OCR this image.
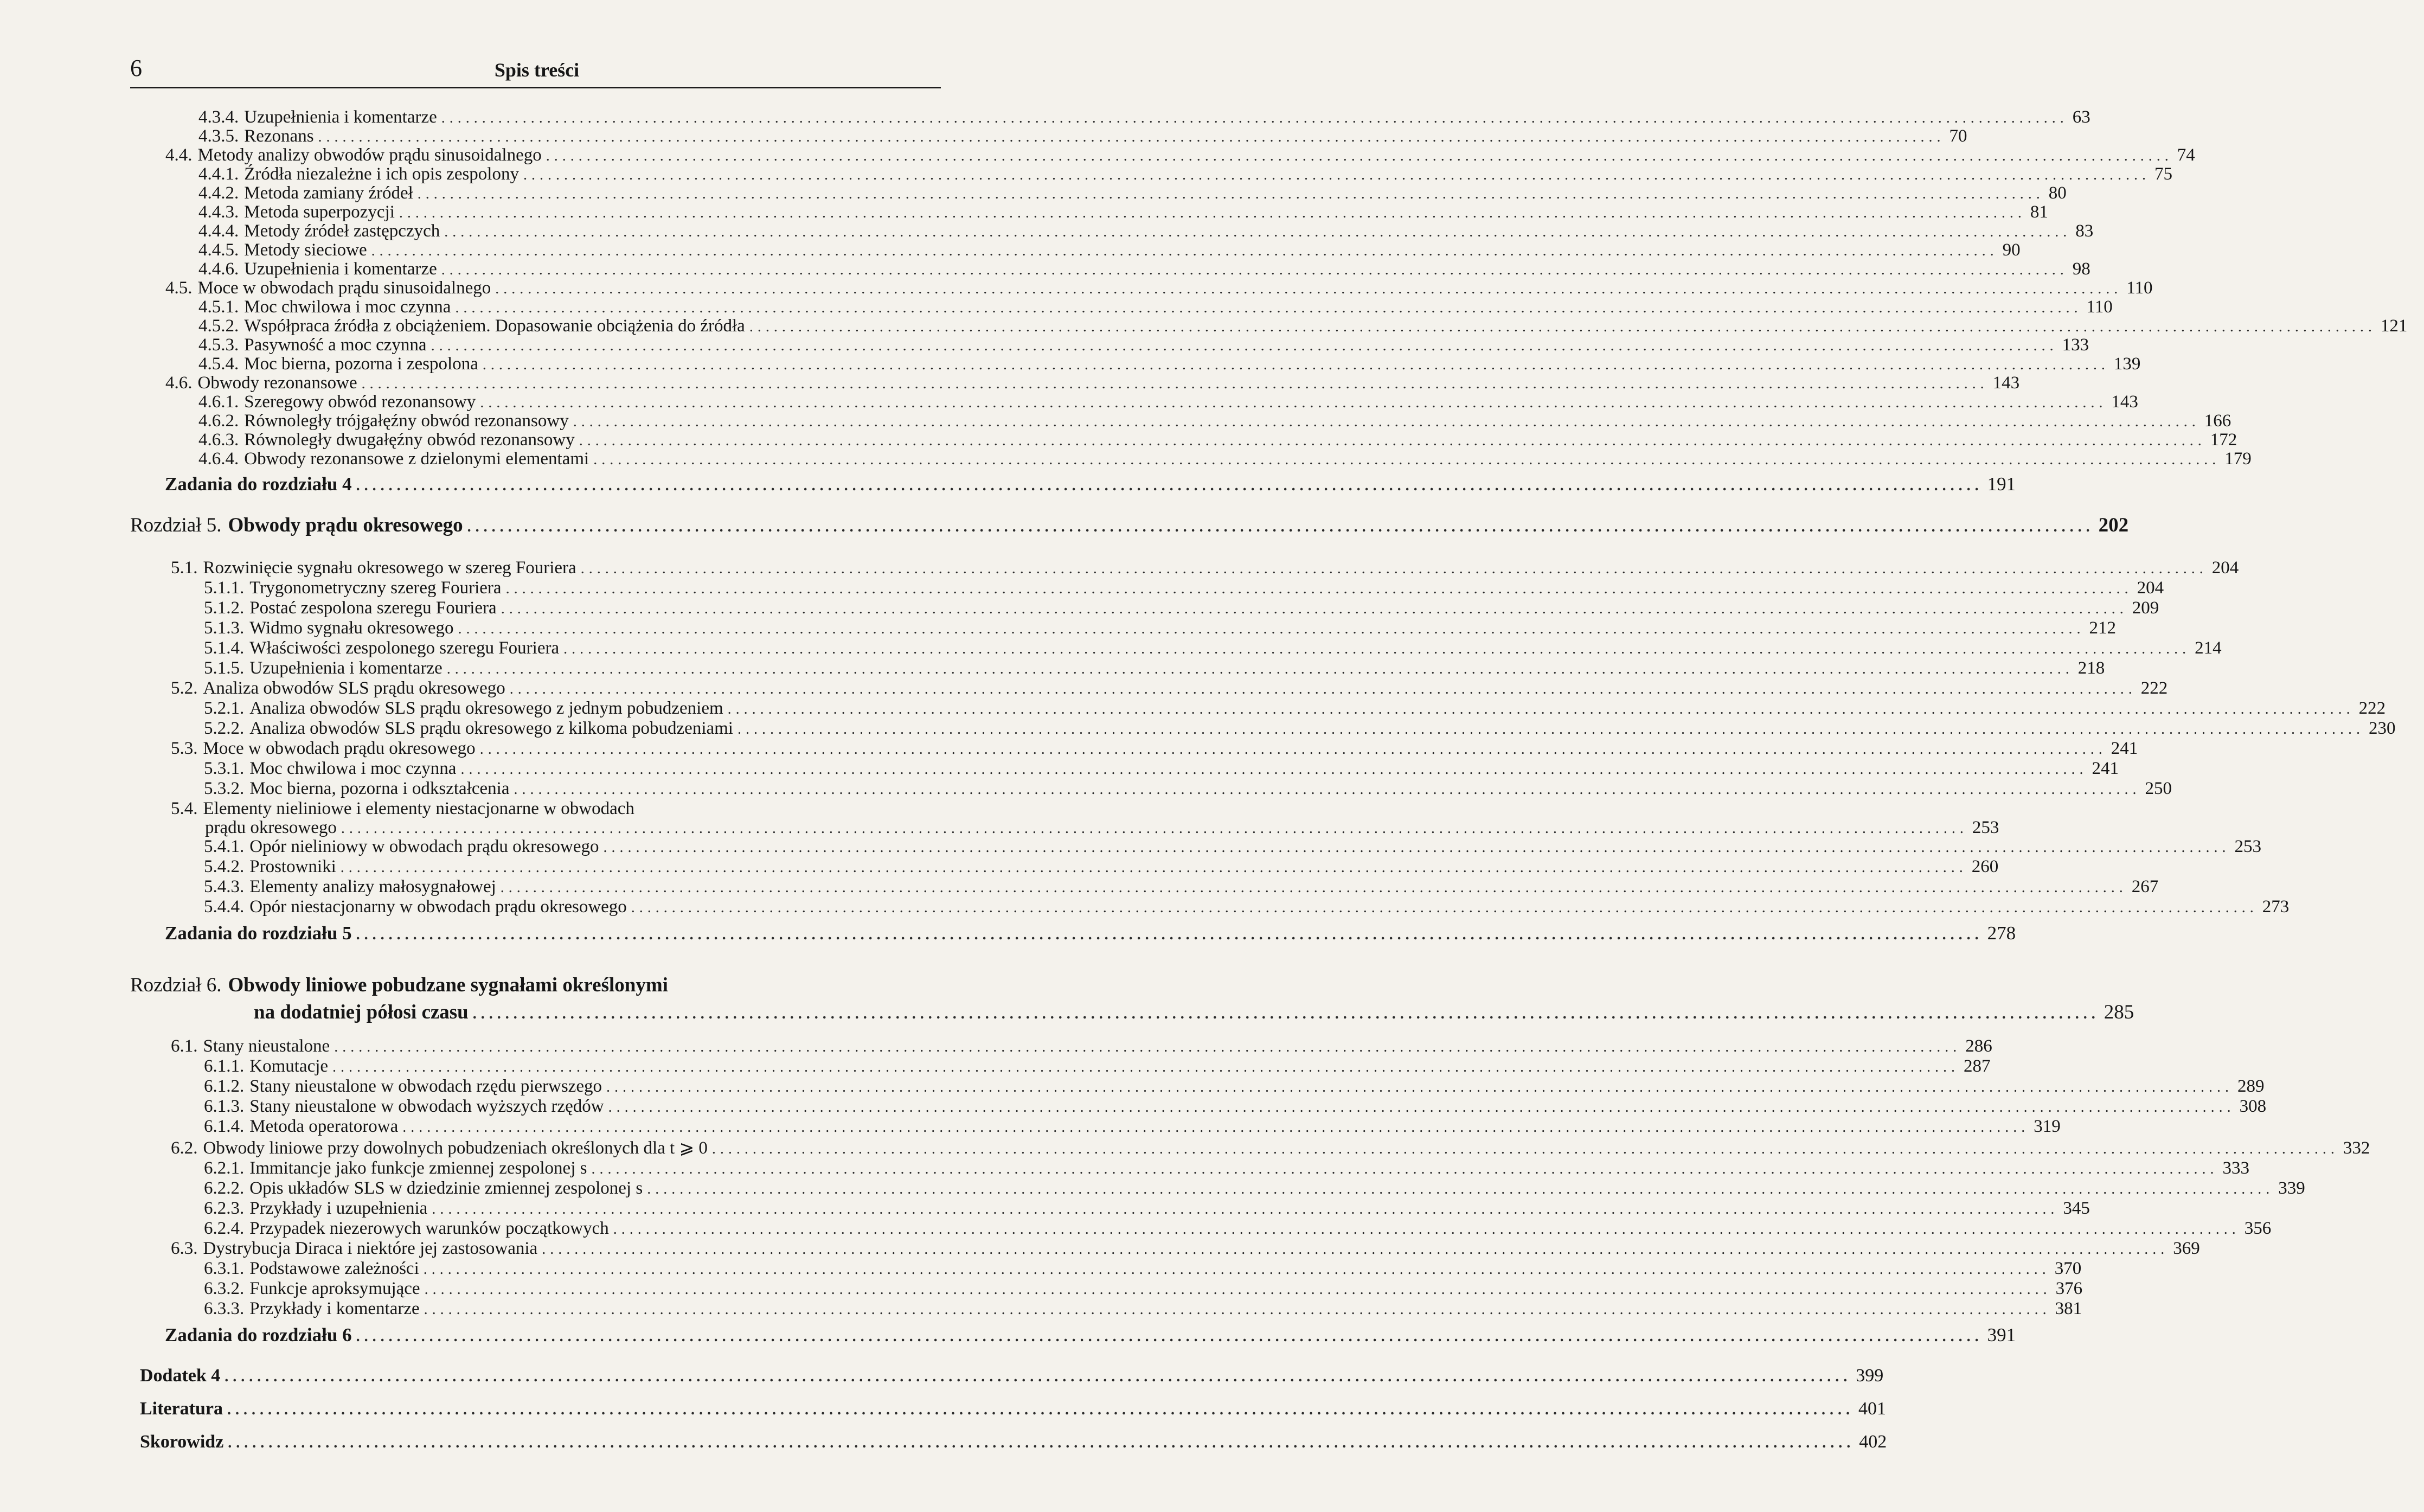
6	Spis treści
4.3.4. Uzupełnienia i komentarze ........................................................................................................................................................................................................ 63
4.3.5. Rezonans ........................................................................................................................................................................................................ 70
4.4. Metody analizy obwodów prądu sinusoidalnego ........................................................................................................................................................................................................ 74
4.4.1. Źródła niezależne i ich opis zespolony ........................................................................................................................................................................................................ 75
4.4.2. Metoda zamiany źródeł ........................................................................................................................................................................................................ 80
4.4.3. Metoda superpozycji ........................................................................................................................................................................................................ 81
4.4.4. Metody źródeł zastępczych ........................................................................................................................................................................................................ 83
4.4.5. Metody sieciowe ........................................................................................................................................................................................................ 90
4.4.6. Uzupełnienia i komentarze ........................................................................................................................................................................................................ 98
4.5. Moce w obwodach prądu sinusoidalnego ........................................................................................................................................................................................................ 110
4.5.1. Moc chwilowa i moc czynna ........................................................................................................................................................................................................ 110
4.5.2. Współpraca źródła z obciążeniem. Dopasowanie obciążenia do źródła ........................................................................................................................................................................................................ 121
4.5.3. Pasywność a moc czynna ........................................................................................................................................................................................................ 133
4.5.4. Moc bierna, pozorna i zespolona ........................................................................................................................................................................................................ 139
4.6. Obwody rezonansowe ........................................................................................................................................................................................................ 143
4.6.1. Szeregowy obwód rezonansowy ........................................................................................................................................................................................................ 143
4.6.2. Równoległy trójgałęźny obwód rezonansowy ........................................................................................................................................................................................................ 166
4.6.3. Równoległy dwugałęźny obwód rezonansowy ........................................................................................................................................................................................................ 172
4.6.4. Obwody rezonansowe z dzielonymi elementami ........................................................................................................................................................................................................ 179
Zadania do rozdziału 4 ........................................................................................................................................................................................................ 191
Rozdział 5. Obwody prądu okresowego ........................................................................................................................................................................................................ 202
5.1. Rozwinięcie sygnału okresowego w szereg Fouriera ........................................................................................................................................................................................................ 204
5.1.1. Trygonometryczny szereg Fouriera ........................................................................................................................................................................................................ 204
5.1.2. Postać zespolona szeregu Fouriera ........................................................................................................................................................................................................ 209
5.1.3. Widmo sygnału okresowego ........................................................................................................................................................................................................ 212
5.1.4. Właściwości zespolonego szeregu Fouriera ........................................................................................................................................................................................................ 214
5.1.5. Uzupełnienia i komentarze ........................................................................................................................................................................................................ 218
5.2. Analiza obwodów SLS prądu okresowego ........................................................................................................................................................................................................ 222
5.2.1. Analiza obwodów SLS prądu okresowego z jednym pobudzeniem ........................................................................................................................................................................................................ 222
5.2.2. Analiza obwodów SLS prądu okresowego z kilkoma pobudzeniami ........................................................................................................................................................................................................ 230
5.3. Moce w obwodach prądu okresowego ........................................................................................................................................................................................................ 241
5.3.1. Moc chwilowa i moc czynna ........................................................................................................................................................................................................ 241
5.3.2. Moc bierna, pozorna i odkształcenia ........................................................................................................................................................................................................ 250
5.4. Elementy nieliniowe i elementy niestacjonarne w obwodach
prądu okresowego ........................................................................................................................................................................................................ 253
5.4.1. Opór nieliniowy w obwodach prądu okresowego ........................................................................................................................................................................................................ 253
5.4.2. Prostowniki ........................................................................................................................................................................................................ 260
5.4.3. Elementy analizy małosygnałowej ........................................................................................................................................................................................................ 267
5.4.4. Opór niestacjonarny w obwodach prądu okresowego ........................................................................................................................................................................................................ 273
Zadania do rozdziału 5 ........................................................................................................................................................................................................ 278
Rozdział 6. Obwody liniowe pobudzane sygnałami określonymi
na dodatniej półosi czasu ........................................................................................................................................................................................................ 285
6.1. Stany nieustalone ........................................................................................................................................................................................................ 286
6.1.1. Komutacje ........................................................................................................................................................................................................ 287
6.1.2. Stany nieustalone w obwodach rzędu pierwszego ........................................................................................................................................................................................................ 289
6.1.3. Stany nieustalone w obwodach wyższych rzędów ........................................................................................................................................................................................................ 308
6.1.4. Metoda operatorowa ........................................................................................................................................................................................................ 319
6.2. Obwody liniowe przy dowolnych pobudzeniach określonych dla t ⩾ 0 ........................................................................................................................................................................................................ 332
6.2.1. Immitancje jako funkcje zmiennej zespolonej s ........................................................................................................................................................................................................ 333
6.2.2. Opis układów SLS w dziedzinie zmiennej zespolonej s ........................................................................................................................................................................................................ 339
6.2.3. Przykłady i uzupełnienia ........................................................................................................................................................................................................ 345
6.2.4. Przypadek niezerowych warunków początkowych ........................................................................................................................................................................................................ 356
6.3. Dystrybucja Diraca i niektóre jej zastosowania ........................................................................................................................................................................................................ 369
6.3.1. Podstawowe zależności ........................................................................................................................................................................................................ 370
6.3.2. Funkcje aproksymujące ........................................................................................................................................................................................................ 376
6.3.3. Przykłady i komentarze ........................................................................................................................................................................................................ 381
Zadania do rozdziału 6 ........................................................................................................................................................................................................ 391
Dodatek 4 ........................................................................................................................................................................................................ 399
Literatura ........................................................................................................................................................................................................ 401
Skorowidz ........................................................................................................................................................................................................ 402
